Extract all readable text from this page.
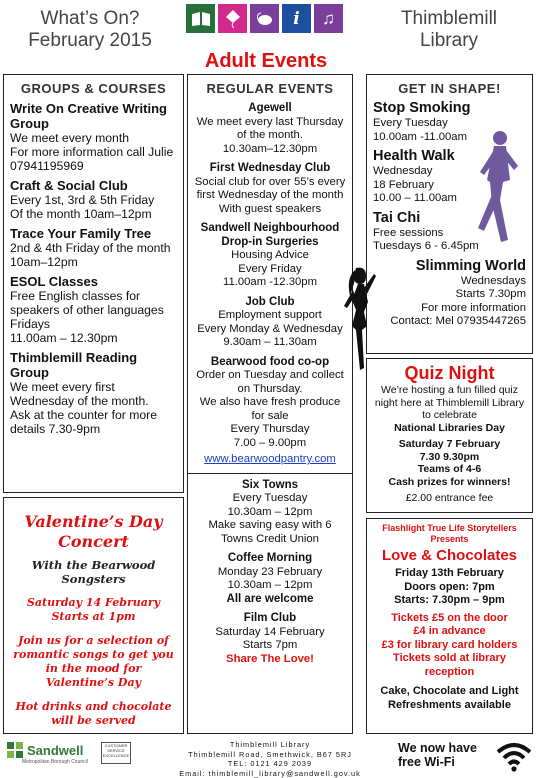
What’s On?
February 2015
i	♫
Adult Events
Thimblemill
Library
GROUPS & COURSES
Write On Creative Writing Group
We meet every month
For more information call Julie 07941195969
Craft & Social Club
Every 1st, 3rd & 5th Friday
Of the month 10am–12pm
Trace Your Family Tree
2nd & 4th Friday of the month 10am–12pm
ESOL Classes
Free English classes for speakers of other languages
Fridays
11.00am – 12.30pm
Thimblemill Reading Group
We meet every first Wednesday of the month.
Ask at the counter for more details 7.30-9pm
Valentine’s Day Concert
With the Bearwood Songsters
Saturday 14 February
Starts at 1pm
Join us for a selection of romantic songs to get you in the mood for Valentine’s Day
Hot drinks and chocolate will be served
REGULAR EVENTS
Agewell
We meet every last Thursday of the month.
10.30am–12.30pm
First Wednesday Club
Social club for over 55’s every first Wednesday of the month
With guest speakers
Sandwell Neighbourhood Drop-in Surgeries
Housing Advice
Every Friday
11.00am -12.30pm
Job Club
Employment support
Every Monday & Wednesday
9.30am – 11.30am
Bearwood food co-op
Order on Tuesday and collect on Thursday.
We also have fresh produce for sale
Every Thursday
7.00 – 9.00pm
www.bearwoodpantry.com
Six Towns
Every Tuesday
10.30am – 12pm
Make saving easy with 6 Towns Credit Union
Coffee Morning
Monday 23 February
10.30am – 12pm
All are welcome
Film Club
Saturday 14 February
Starts 7pm
Share The Love!
GET IN SHAPE!
Stop Smoking
Every Tuesday
10.00am -11.00am
Health Walk
Wednesday
18 February
10.00 – 11.00am
Tai Chi
Free sessions
Tuesdays 6 - 6.45pm
Slimming World
Wednesdays
Starts 7.30pm
For more information
Contact: Mel 07935447265
Quiz Night
We’re hosting a fun filled quiz night here at Thimblemill Library to celebrate
National Libraries Day
Saturday 7 February
7.30 9.30pm
Teams of 4-6
Cash prizes for winners!
£2.00 entrance fee
Flashlight True Life Storytellers Presents
Love & Chocolates
Friday 13th February
Doors open: 7pm
Starts: 7.30pm – 9pm
Tickets £5 on the door
£4 in advance
£3 for library card holders
Tickets sold at library reception
Cake, Chocolate and Light Refreshments available
Sandwell
Metropolitan Borough Council
CUSTOMER SERVICE EXCELLENCE
Thimblemill Library
Thimblemill Road, Smethwick, B67 5RJ
TEL: 0121 429 2039
Email: thimblemill_library@sandwell.gov.uk
We now have
free Wi-Fi
